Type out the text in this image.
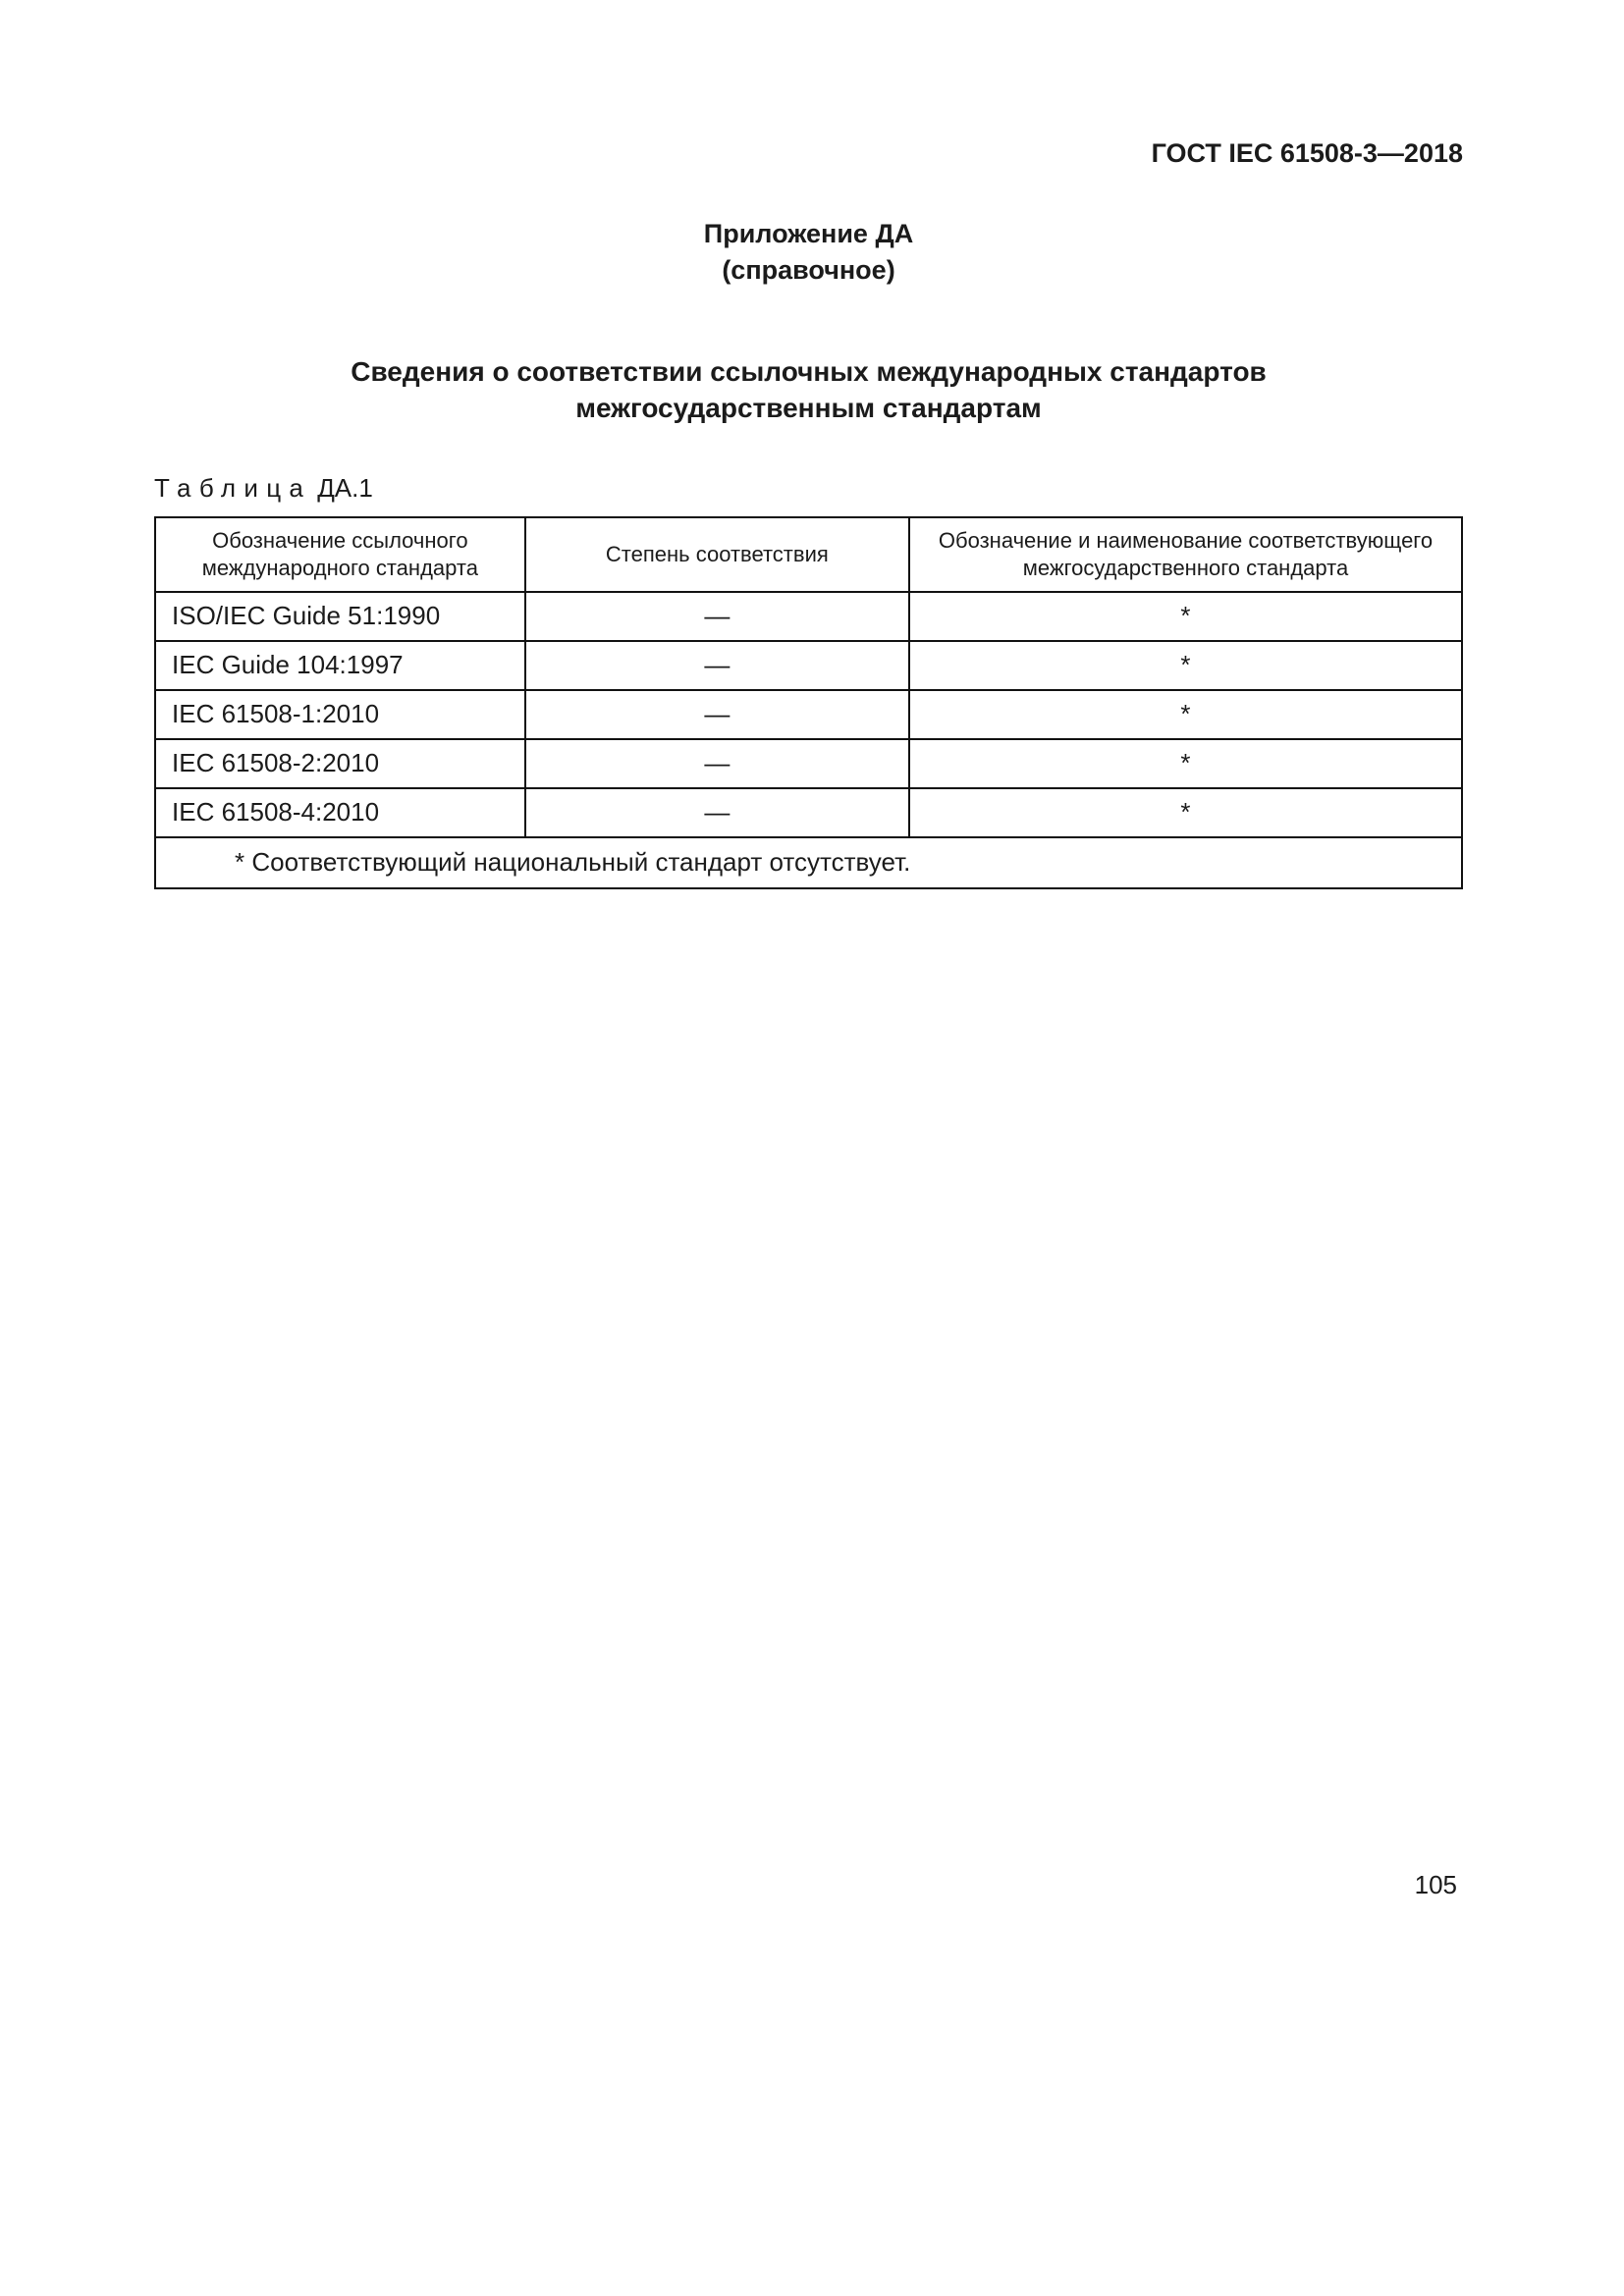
ГОСТ IEC 61508-3—2018
Приложение ДА
(справочное)
Сведения о соответствии ссылочных международных стандартов
межгосударственным стандартам
Таблица ДА.1
Обозначение ссылочного международного стандарта	Степень соответствия	Обозначение и наименование соответствующего межгосударственного стандарта
ISO/IEC Guide 51:1990	—	*
IEC Guide 104:1997	—	*
IEC 61508-1:2010	—	*
IEC 61508-2:2010	—	*
IEC 61508-4:2010	—	*
* Соответствующий национальный стандарт отсутствует.		
105
